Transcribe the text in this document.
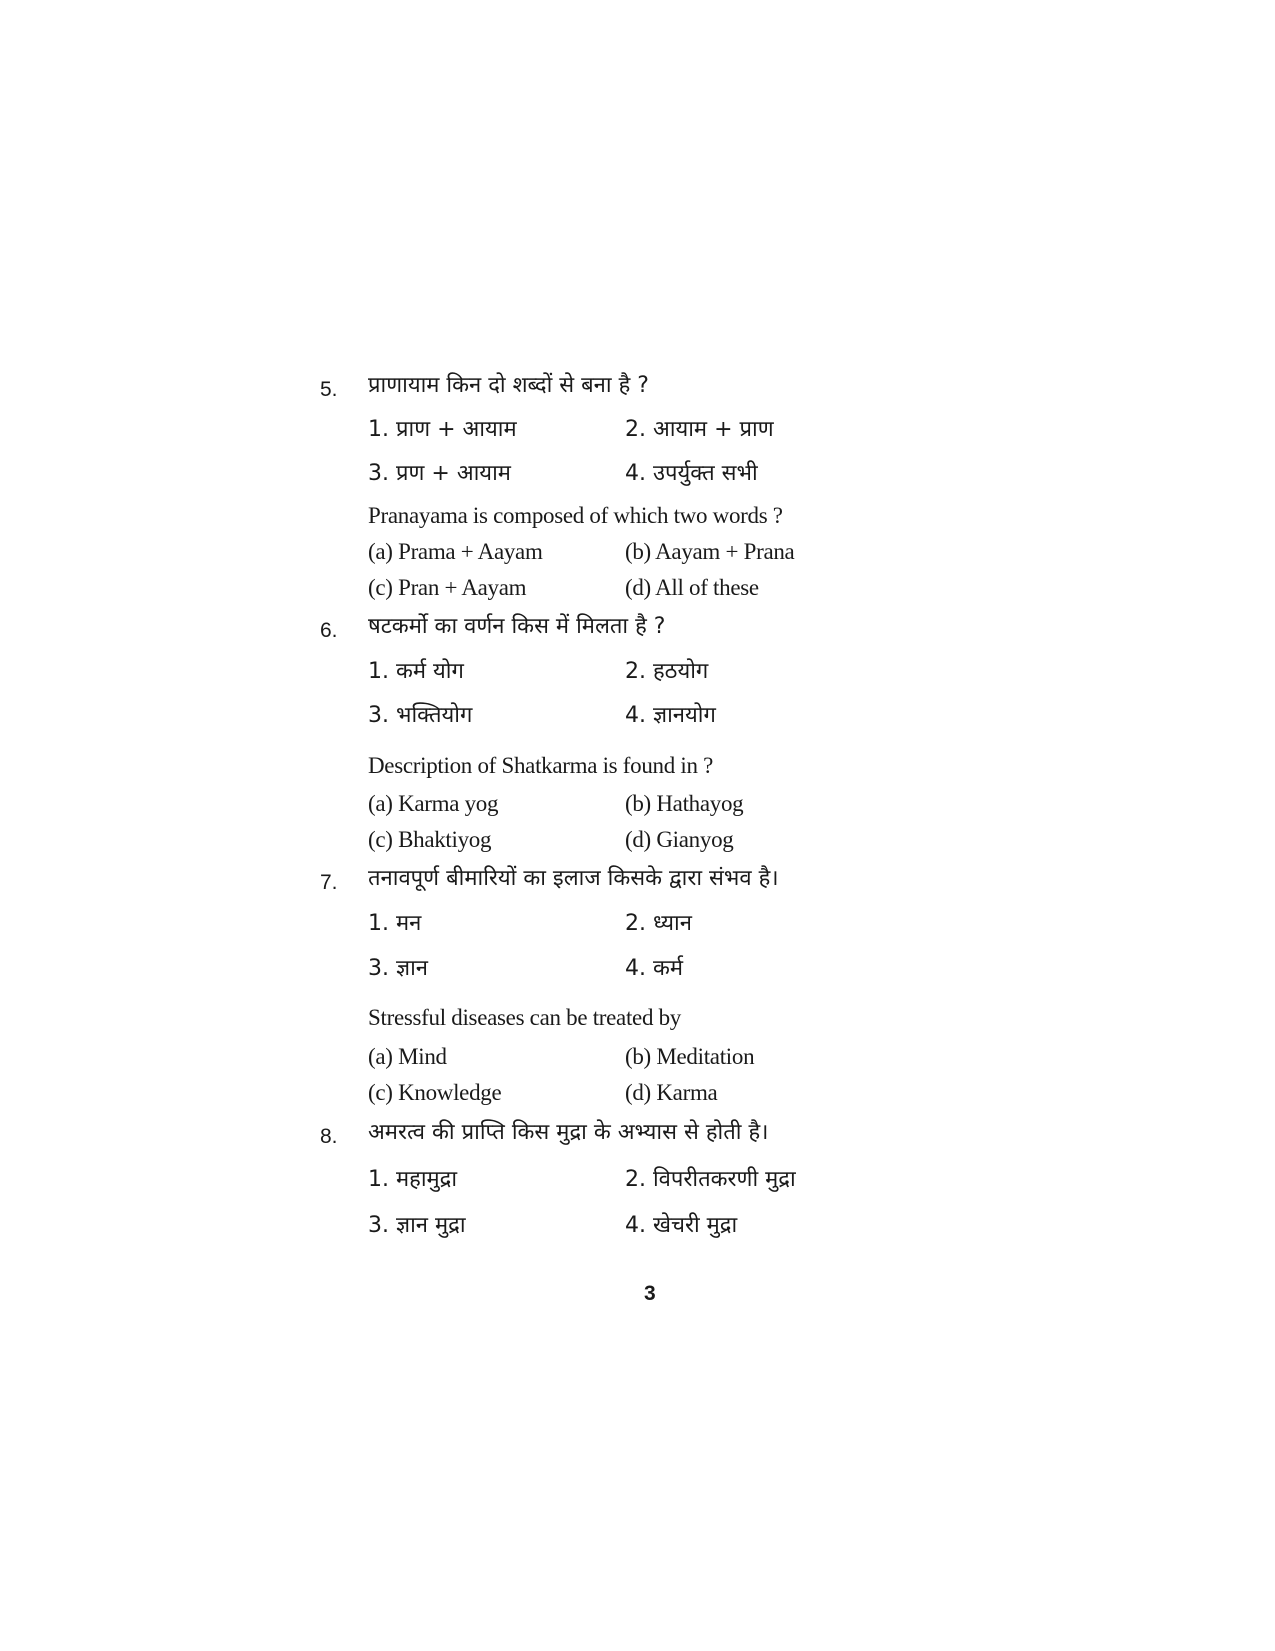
5. प्राणायाम किन दो शब्दों से बना है ?
1. प्राण + आयाम	2. आयाम + प्राण
3. प्रण + आयाम	4. उपर्युक्त सभी
Pranayama is composed of which two words ?
(a) Prama + Aayam	(b) Aayam + Prana
(c) Pran + Aayam	(d) All of these
6. षटकर्मो का वर्णन किस में मिलता है ?
1. कर्म योग	2. हठयोग
3. भक्तियोग	4. ज्ञानयोग
Description of Shatkarma is found in ?
(a) Karma yog	(b) Hathayog
(c) Bhaktiyog	(d) Gianyog
7. तनावपूर्ण बीमारियों का इलाज किसके द्वारा संभव है।
1. मन	2. ध्यान
3. ज्ञान	4. कर्म
Stressful diseases can be treated by
(a) Mind	(b) Meditation
(c) Knowledge	(d) Karma
8. अमरत्व की प्राप्ति किस मुद्रा के अभ्यास से होती है।
1. महामुद्रा	2. विपरीतकरणी मुद्रा
3. ज्ञान मुद्रा	4. खेचरी मुद्रा
3
